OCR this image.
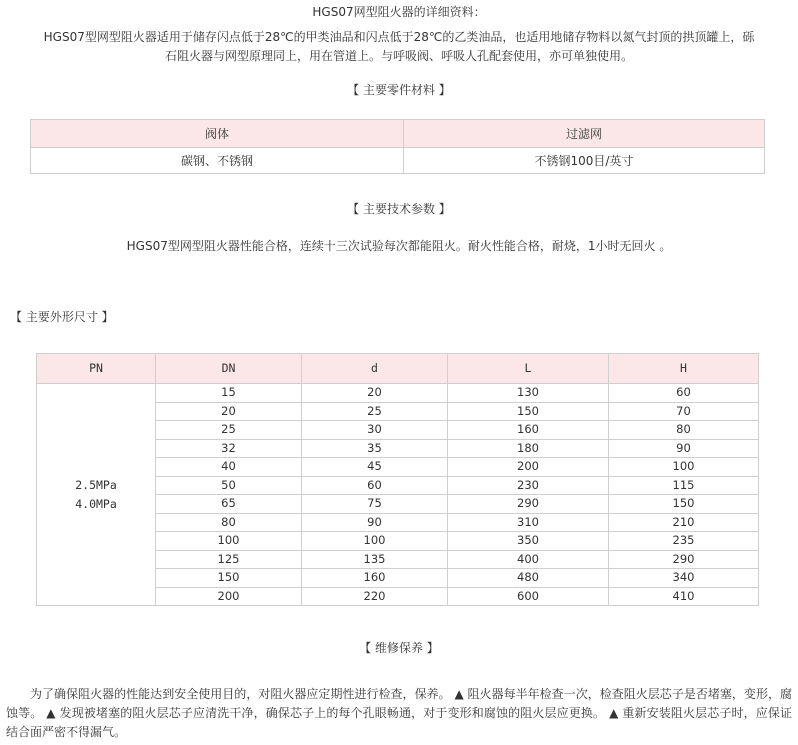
HGS07网型阻火器的详细资料：
HGS07型网型阻火器适用于储存闪点低于28℃的甲类油品和闪点低于28℃的乙类油品，也适用地储存物料以氮气封顶的拱顶罐上，砾石阻火器与网型原理同上，用在管道上。与呼吸阀、呼吸人孔配套使用，亦可单独使用。
【 主要零件材料 】
阀体	过滤网
碳钢、不锈钢	不锈钢100目/英寸
【 主要技术参数 】
HGS07型网型阻火器性能合格，连续十三次试验每次都能阻火。耐火性能合格，耐烧，1小时无回火 。
【 主要外形尺寸 】
PN	DN	d	L	H

2.5MPa
4.0MPa	15	20	130	60
	20	25	150	70
	25	30	160	80
	32	35	180	90
	40	45	200	100
	50	60	230	115
	65	75	290	150
	80	90	310	210
	100	100	350	235
	125	135	400	290
	150	160	480	340
	200	220	600	410
【 维修保养 】
为了确保阻火器的性能达到安全使用目的，对阻火器应定期性进行检查，保养。 ▲ 阻火器每半年检查一次，检查阻火层芯子是否堵塞，变形，腐蚀等。 ▲ 发现被堵塞的阻火层芯子应清洗干净，确保芯子上的每个孔眼畅通，对于变形和腐蚀的阻火层应更换。 ▲ 重新安装阻火层芯子时，应保证结合面严密不得漏气。
